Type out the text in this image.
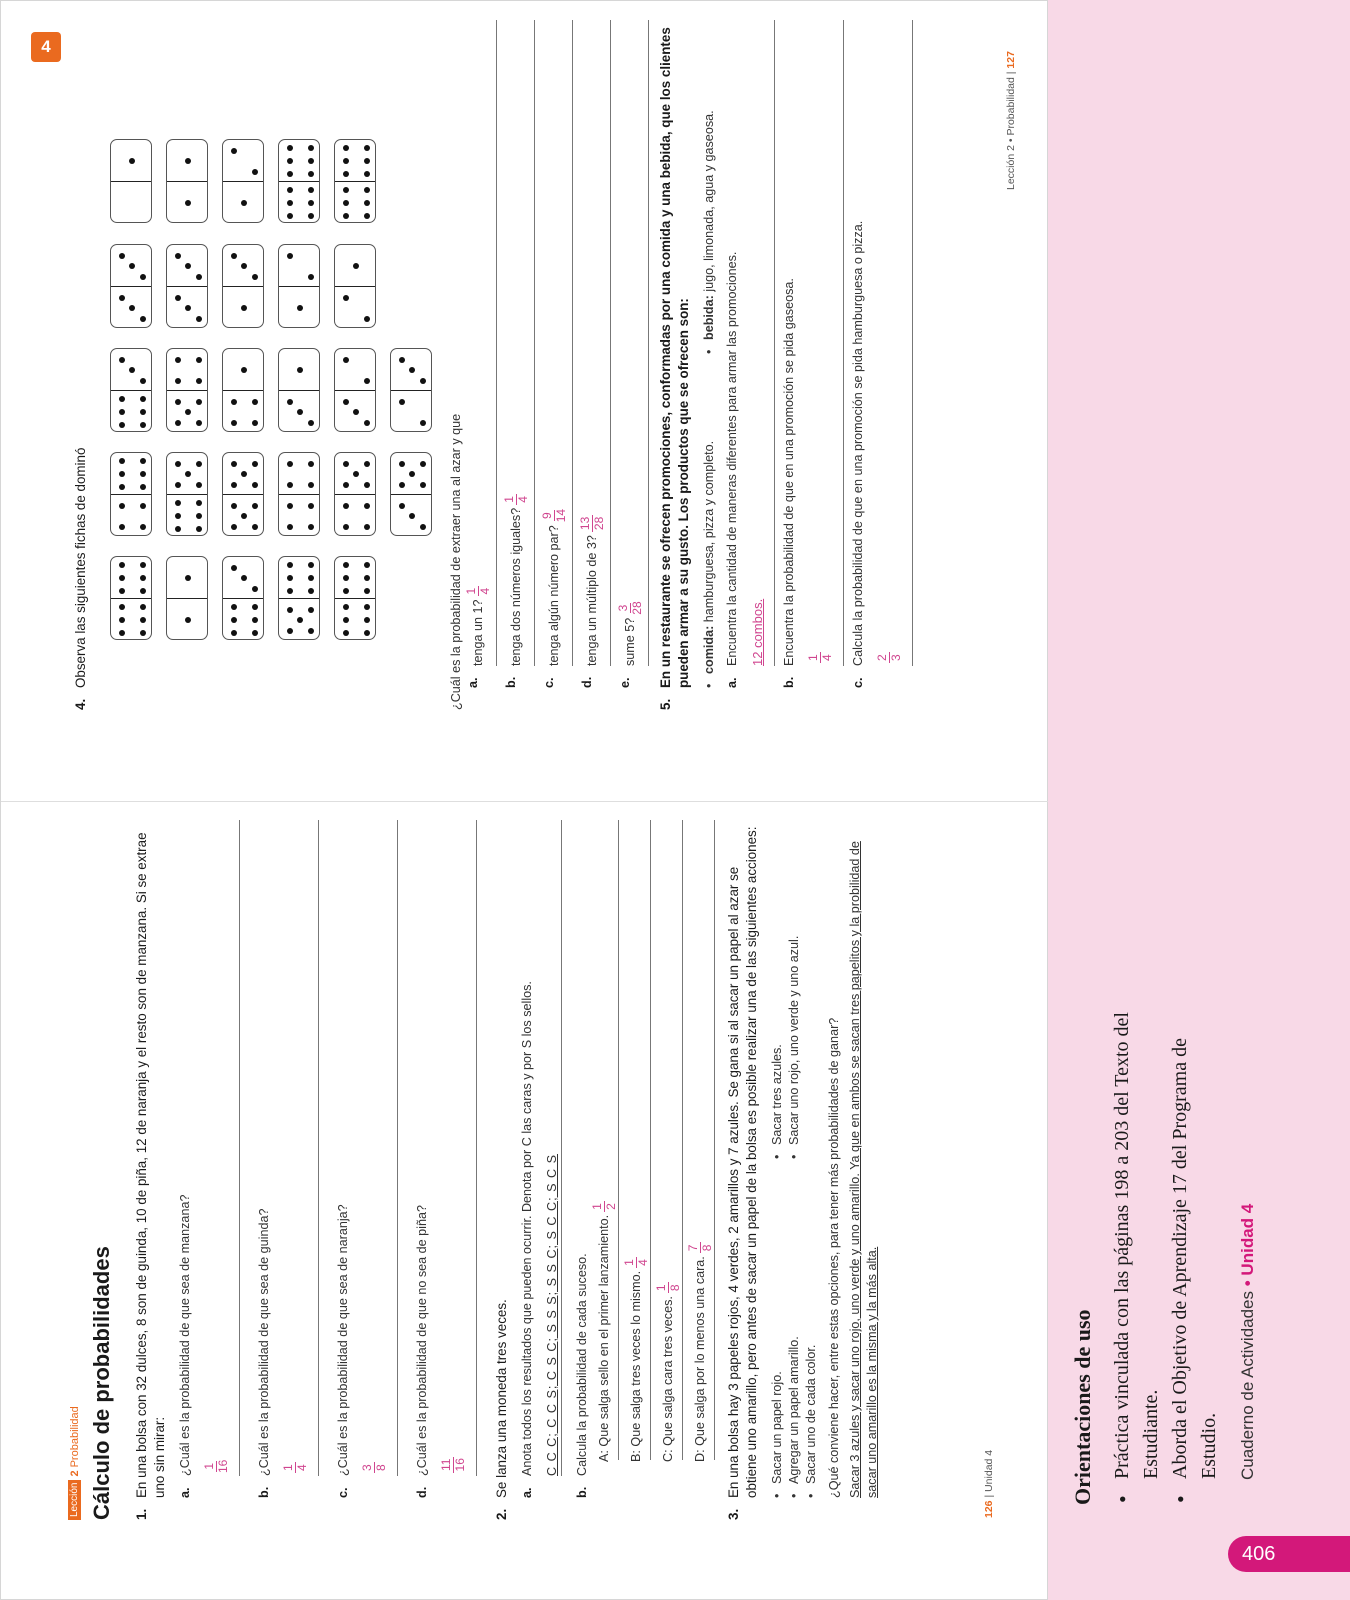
4
Lección
2
Probabilidad Cálculo de probabilidades 1.
En una bolsa con 32 dulces, 8 son de guinda, 10 de piña, 12 de naranja y el resto son de manzana. Si se extrae uno sin mirar: a.
¿Cuál es la probabilidad de que sea de manzana? 1 16
b.
¿Cuál es la probabilidad de que sea de guinda? 1 4
c.
¿Cuál es la probabilidad de que sea de naranja? 3 8
d.
¿Cuál es la probabilidad de que no sea de piña? 11 16
2.
Se lanza una moneda tres veces. a.
Anota todos los resultados que pueden ocurrir. Denota por C las caras y por S los sellos. C C C; C C S; C S C; S S S; S S C; S C C; S C S
b.
Calcula la probabilidad de cada suceso. A: Que salga sello en el primer lanzamiento.
1 2
B: Que salga tres veces lo mismo.
1 4
C: Que salga cara tres veces.
1 8 D: Que salga por lo menos una cara.
7 8
3.
En una bolsa hay 3 papeles rojos, 4 verdes, 2 amarillos y 7 azules. Se gana si al sacar un papel al azar se obtiene uno amarillo, pero antes de sacar un papel de la bolsa es posible realizar una de las siguientes acciones: • Sacar un papel rojo.
• Sacar tres azules.
• Agregar un papel amarillo.
• Sacar uno rojo, uno verde y uno azul.
• Sacar uno de cada color. ¿Qué conviene hacer, entre estas opciones, para tener más probabilidades de ganar? Sacar 3 azules y sacar uno rojo, uno verde y uno amarillo. Ya que en ambos se sacan tres papelitos y la probilidad de sacar uno amarillo es la misma y la más alta.
126 | Unidad 4
4.
Observa las siguientes fichas de dominó	¿Cuál es la probabilidad de extraer una al azar y que a.
tenga un 1?
1 4
b.
tenga dos números iguales?
1 4
c.
tenga algún número par?
9 14
d.
tenga un múltiplo de 3?
13 28
e.
sume 5?
3 28
5.
En un restaurante se ofrecen promociones, conformadas por una comida y una bebida, que los clientes pueden armar a su gusto. Los productos que se ofrecen son: • comida: hamburguesa, pizza y completo.
• bebida: jugo, limonada, agua y gaseosa.
a.
Encuentra la cantidad de maneras diferentes para armar las promociones. 12 combos.
b.
Encuentra la probabilidad de que en una promoción se pida gaseosa. 1 4
c.
Calcula la probabilidad de que en una promoción se pida hamburguesa o pizza. 2 3
Lección 2 • Probabilidad | 127
Orientaciones de uso • Práctica vinculada con las páginas 198 a 203 del Texto del Estudiante. • Aborda el Objetivo de Aprendizaje 17 del Programa de Estudio. Cuaderno de Actividades • Unidad 4
406
